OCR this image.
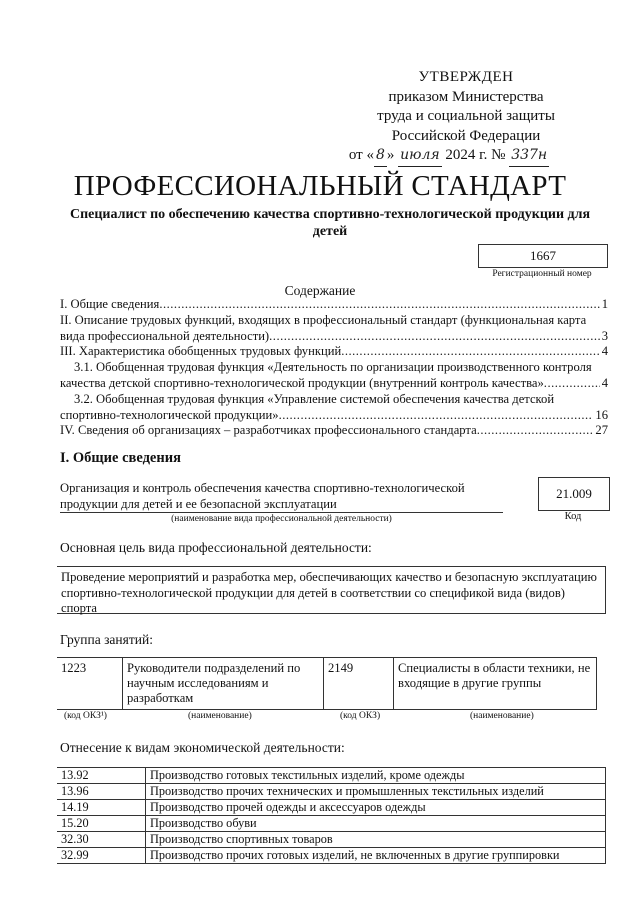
УТВЕРЖДЕН
приказом Министерства
труда и социальной защиты
Российской Федерации
от « 8 » июля 2024 г. № 337н
ПРОФЕССИОНАЛЬНЫЙ СТАНДАРТ
Специалист по обеспечению качества спортивно-технологической продукции для детей
1667
Регистрационный номер
Содержание
I. Общие сведения .....	1
II. Описание трудовых функций, входящих в профессиональный стандарт (функциональная карта
вида профессиональной деятельности) .....	3
III. Характеристика обобщенных трудовых функций .....	4
3.1. Обобщенная трудовая функция «Деятельность по организации производственного контроля
качества детской спортивно-технологической продукции (внутренний контроль качества» .....	4
3.2. Обобщенная трудовая функция «Управление системой обеспечения качества детской
спортивно-технологической продукции» .....	16
IV. Сведения об организациях – разработчиках профессионального стандарта .....	27
I. Общие сведения
Организация и контроль обеспечения качества спортивно-технологической продукции для детей и ее безопасной эксплуатации
(наименование вида профессиональной деятельности)
21.009
Код
Основная цель вида профессиональной деятельности:
Проведение мероприятий и разработка мер, обеспечивающих качество и безопасную эксплуатацию спортивно-технологической продукции для детей в соответствии со спецификой вида (видов) спорта
Группа занятий:
1223	Руководители подразделений по научным исследованиям и разработкам	2149	Специалисты в области техники, не входящие в другие группы
(код ОКЗ¹)	(наименование)	(код ОКЗ)	(наименование)
Отнесение к видам экономической деятельности:
13.92	Производство готовых текстильных изделий, кроме одежды
13.96	Производство прочих технических и промышленных текстильных изделий
14.19	Производство прочей одежды и аксессуаров одежды
15.20	Производство обуви
32.30	Производство спортивных товаров
32.99	Производство прочих готовых изделий, не включенных в другие группировки
